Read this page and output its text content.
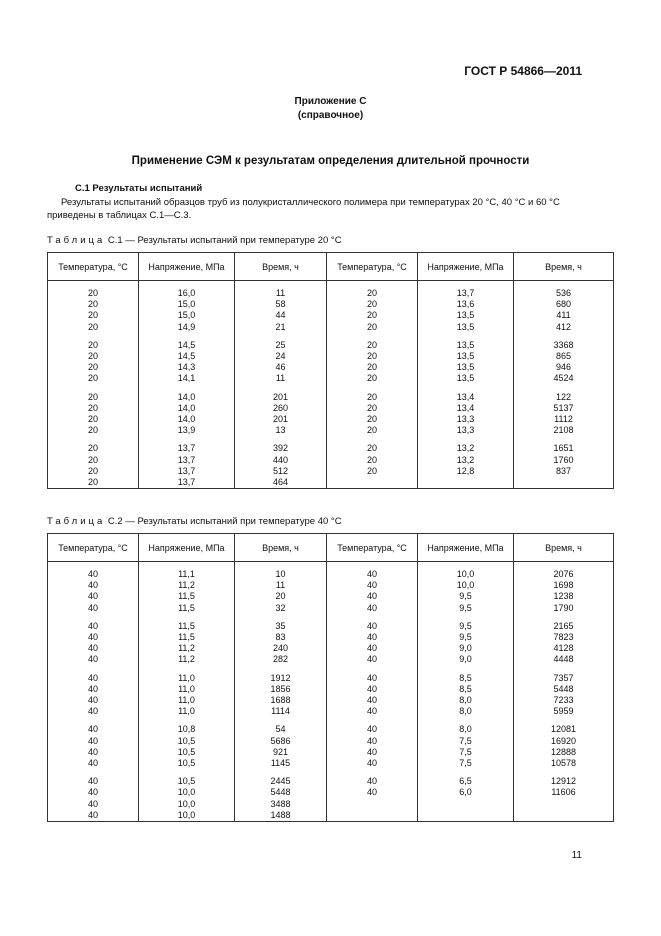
ГОСТ Р 54866—2011
Приложение С
(справочное)
Применение СЭМ к результатам определения длительной прочности
С.1 Результаты испытаний
Результаты испытаний образцов труб из полукристаллического полимера при температурах 20 °С, 40 °С и 60 °С приведены в таблицах С.1—С.3.
Таблица С.1 — Результаты испытаний при температуре 20 °С
Температура, °С	Напряжение, МПа	Время, ч	Температура, °С	Напряжение, МПа	Время, ч

20	16,0	11	20	13,7	536
20	15,0	58	20	13,6	680
20	15,0	44	20	13,5	411
20	14,9	21	20	13,5	412

20	14,5	25	20	13,5	3368
20	14,5	24	20	13,5	865
20	14,3	46	20	13,5	946
20	14,1	11	20	13,5	4524

20	14,0	201	20	13,4	122
20	14,0	260	20	13,4	5137
20	14,0	201	20	13,3	1112
20	13,9	13	20	13,3	2108

20	13,7	392	20	13,2	1651
20	13,7	440	20	13,2	1760
20	13,7	512	20	12,8	837
20	13,7	464			
Таблица С.2 — Результаты испытаний при температуре 40 °С
Температура, °С	Напряжение, МПа	Время, ч	Температура, °С	Напряжение, МПа	Время, ч

40	11,1	10	40	10,0	2076
40	11,2	11	40	10,0	1698
40	11,5	20	40	9,5	1238
40	11,5	32	40	9,5	1790

40	11,5	35	40	9,5	2165
40	11,5	83	40	9,5	7823
40	11,2	240	40	9,0	4128
40	11,2	282	40	9,0	4448

40	11,0	1912	40	8,5	7357
40	11,0	1856	40	8,5	5448
40	11,0	1688	40	8,0	7233
40	11,0	1114	40	8,0	5959

40	10,8	54	40	8,0	12081
40	10,5	5686	40	7,5	16920
40	10,5	921	40	7,5	12888
40	10,5	1145	40	7,5	10578

40	10,5	2445	40	6,5	12912
40	10,0	5448	40	6,0	11606
40	10,0	3488			
40	10,0	1488			
11
